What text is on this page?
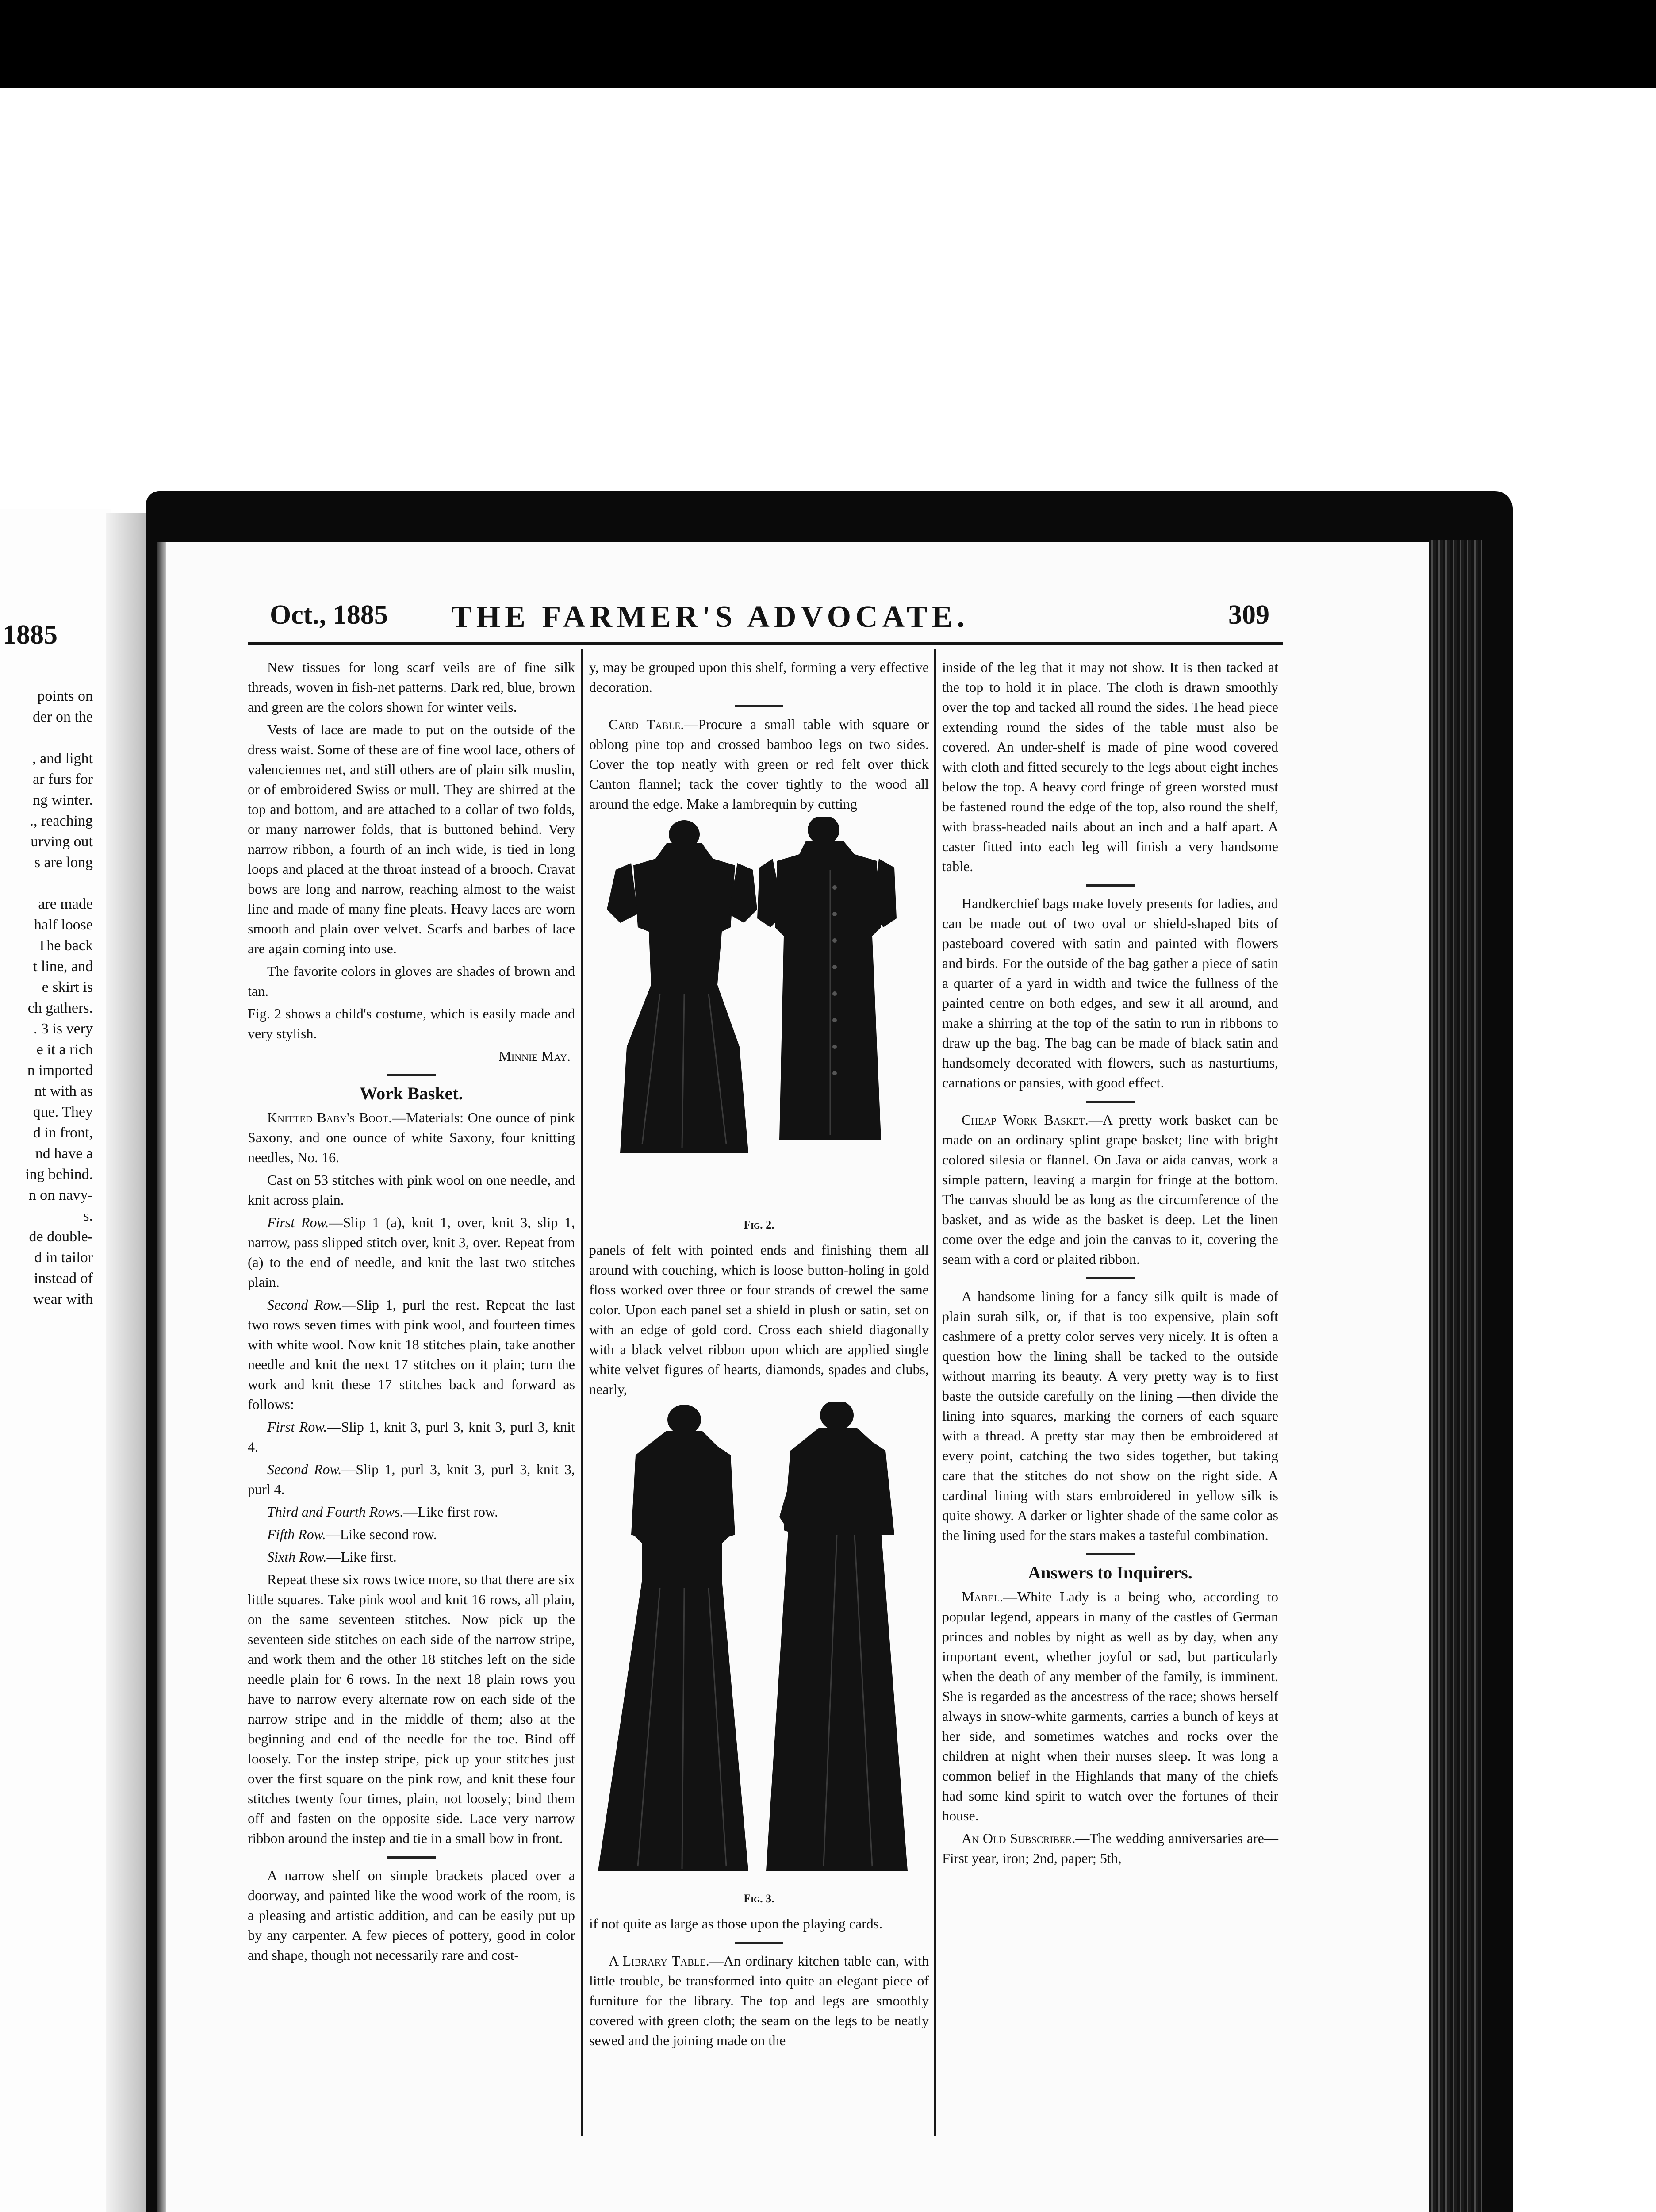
1885
points on
der on the

, and light
ar furs for
ng winter.
., reaching
urving out
s are long

are made
half loose
The back
t line, and
e skirt is
ch gathers.
. 3 is very
e it a rich
n imported
nt with as
que. They
d in front,
nd have a
ing behind.
n on navy-
s.
de double-
d in tailor
instead of
wear with
Oct., 1885 THE FARMER'S ADVOCATE.	309

New tissues for long scarf veils are of fine silk threads, woven in fish-net patterns. Dark red, blue, brown and green are the colors shown for winter veils.

Vests of lace are made to put on the outside of the dress waist. Some of these are of fine wool lace, others of valenciennes net, and still others are of plain silk muslin, or of embroidered Swiss or mull. They are shirred at the top and bottom, and are attached to a collar of two folds, or many narrower folds, that is buttoned behind. Very narrow ribbon, a fourth of an inch wide, is tied in long loops and placed at the throat instead of a brooch. Cravat bows are long and narrow, reaching almost to the waist line and made of many fine pleats. Heavy laces are worn smooth and plain over velvet. Scarfs and barbes of lace are again coming into use.

The favorite colors in gloves are shades of brown and tan.

Fig. 2 shows a child's costume, which is easily made and very stylish.

Minnie May.
Work Basket.

Knitted Baby's Boot.—Materials: One ounce of pink Saxony, and one ounce of white Saxony, four knitting needles, No. 16.

Cast on 53 stitches with pink wool on one needle, and knit across plain.

First Row.—Slip 1 (a), knit 1, over, knit 3, slip 1, narrow, pass slipped stitch over, knit 3, over. Repeat from (a) to the end of needle, and knit the last two stitches plain.

Second Row.—Slip 1, purl the rest. Repeat the last two rows seven times with pink wool, and fourteen times with white wool. Now knit 18 stitches plain, take another needle and knit the next 17 stitches on it plain; turn the work and knit these 17 stitches back and forward as follows:

First Row.—Slip 1, knit 3, purl 3, knit 3, purl 3, knit 4.

Second Row.—Slip 1, purl 3, knit 3, purl 3, knit 3, purl 4.

Third and Fourth Rows.—Like first row.

Fifth Row.—Like second row.

Sixth Row.—Like first.

Repeat these six rows twice more, so that there are six little squares. Take pink wool and knit 16 rows, all plain, on the same seventeen stitches. Now pick up the seventeen side stitches on each side of the narrow stripe, and work them and the other 18 stitches left on the side needle plain for 6 rows. In the next 18 plain rows you have to narrow every alternate row on each side of the narrow stripe and in the middle of them; also at the beginning and end of the needle for the toe. Bind off loosely. For the instep stripe, pick up your stitches just over the first square on the pink row, and knit these four stitches twenty four times, plain, not loosely; bind them off and fasten on the opposite side. Lace very narrow ribbon around the instep and tie in a small bow in front.

A narrow shelf on simple brackets placed over a doorway, and painted like the wood work of the room, is a pleasing and artistic addition, and can be easily put up by any carpenter. A few pieces of pottery, good in color and shape, though not necessarily rare and cost-

y, may be grouped upon this shelf, forming a very effective decoration.

Card Table.—Procure a small table with square or oblong pine top and crossed bamboo legs on two sides. Cover the top neatly with green or red felt over thick Canton flannel; tack the cover tightly to the wood all around the edge. Make a lambrequin by cutting

Fig. 2.

panels of felt with pointed ends and finishing them all around with couching, which is loose button-holing in gold floss worked over three or four strands of crewel the same color. Upon each panel set a shield in plush or satin, set on with an edge of gold cord. Cross each shield diagonally with a black velvet ribbon upon which are applied single white velvet figures of hearts, diamonds, spades and clubs, nearly,

Fig. 3.

if not quite as large as those upon the playing cards.

A Library Table.—An ordinary kitchen table can, with little trouble, be transformed into quite an elegant piece of furniture for the library. The top and legs are smoothly covered with green cloth; the seam on the legs to be neatly sewed and the joining made on the

inside of the leg that it may not show. It is then tacked at the top to hold it in place. The cloth is drawn smoothly over the top and tacked all round the sides. The head piece extending round the sides of the table must also be covered. An under-shelf is made of pine wood covered with cloth and fitted securely to the legs about eight inches below the top. A heavy cord fringe of green worsted must be fastened round the edge of the top, also round the shelf, with brass-headed nails about an inch and a half apart. A caster fitted into each leg will finish a very handsome table.

Handkerchief bags make lovely presents for ladies, and can be made out of two oval or shield-shaped bits of pasteboard covered with satin and painted with flowers and birds. For the outside of the bag gather a piece of satin a quarter of a yard in width and twice the fullness of the painted centre on both edges, and sew it all around, and make a shirring at the top of the satin to run in ribbons to draw up the bag. The bag can be made of black satin and handsomely decorated with flowers, such as nasturtiums, carnations or pansies, with good effect.

Cheap Work Basket.—A pretty work basket can be made on an ordinary splint grape basket; line with bright colored silesia or flannel. On Java or aida canvas, work a simple pattern, leaving a margin for fringe at the bottom. The canvas should be as long as the circumference of the basket, and as wide as the basket is deep. Let the linen come over the edge and join the canvas to it, covering the seam with a cord or plaited ribbon.

A handsome lining for a fancy silk quilt is made of plain surah silk, or, if that is too expensive, plain soft cashmere of a pretty color serves very nicely. It is often a question how the lining shall be tacked to the outside without marring its beauty. A very pretty way is to first baste the outside carefully on the lining —then divide the lining into squares, marking the corners of each square with a thread. A pretty star may then be embroidered at every point, catching the two sides together, but taking care that the stitches do not show on the right side. A cardinal lining with stars embroidered in yellow silk is quite showy. A darker or lighter shade of the same color as the lining used for the stars makes a tasteful combination.

Answers to Inquirers.

Mabel.—White Lady is a being who, according to popular legend, appears in many of the castles of German princes and nobles by night as well as by day, when any important event, whether joyful or sad, but particularly when the death of any member of the family, is imminent. She is regarded as the ancestress of the race; shows herself always in snow-white garments, carries a bunch of keys at her side, and sometimes watches and rocks over the children at night when their nurses sleep. It was long a common belief in the Highlands that many of the chiefs had some kind spirit to watch over the fortunes of their house.

An Old Subscriber.—The wedding anniversaries are—First year, iron; 2nd, paper; 5th,
